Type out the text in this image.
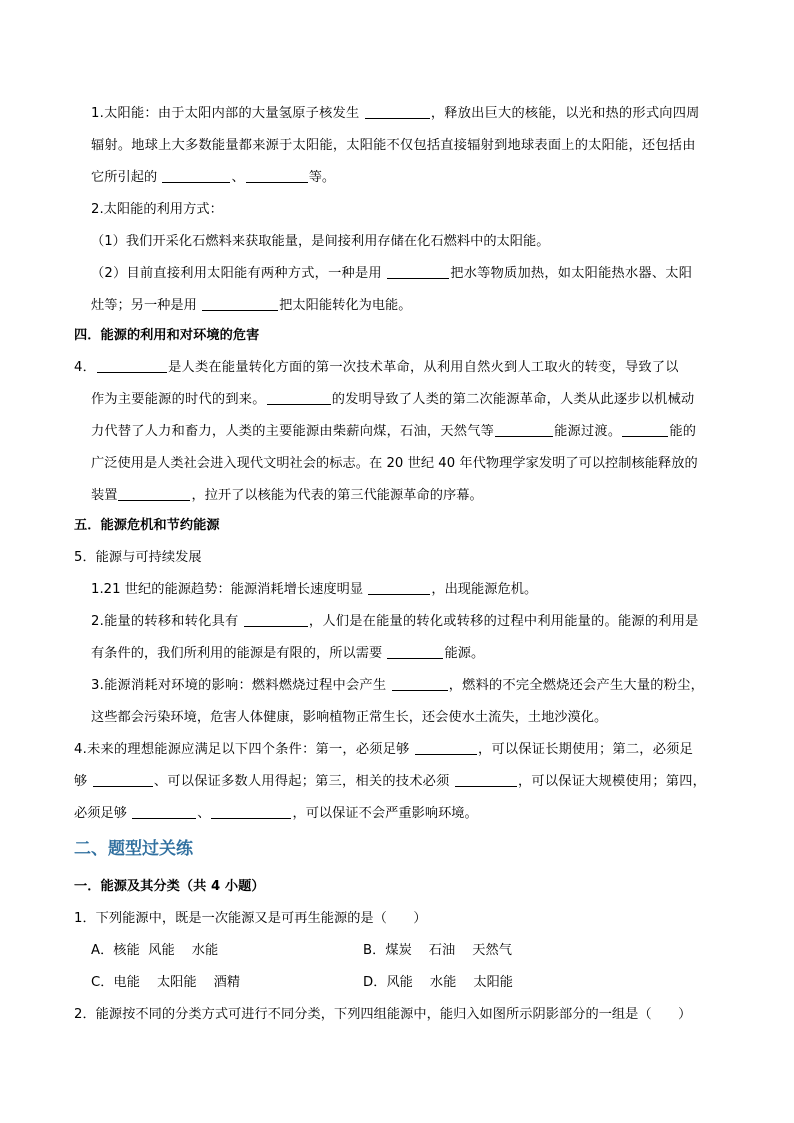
1.太阳能：由于太阳内部的大量氢原子核发生	，释放出巨大的核能，以光和热的形式向四周
辐射。地球上大多数能量都来源于太阳能，太阳能不仅包括直接辐射到地球表面上的太阳能，还包括由
它所引起的	、	等。
2.太阳能的利用方式：
（1）我们开采化石燃料来获取能量，是间接利用存储在化石燃料中的太阳能。
（2）目前直接利用太阳能有两种方式，一种是用	把水等物质加热，如太阳能热水器、太阳
灶等；另一种是用	把太阳能转化为电能。
四．能源的利用和对环境的危害
4．	是人类在能量转化方面的第一次技术革命，从利用自然火到人工取火的转变，导致了以
作为主要能源的时代的到来。	的发明导致了人类的第二次能源革命，人类从此逐步以机械动
力代替了人力和畜力，人类的主要能源由柴薪向煤，石油，天然气等	能源过渡。	能的
广泛使用是人类社会进入现代文明社会的标志。在 20 世纪 40 年代物理学家发明了可以控制核能释放的
装置	，拉开了以核能为代表的第三代能源革命的序幕。
五．能源危机和节约能源
5．能源与可持续发展
1.21 世纪的能源趋势：能源消耗增长速度明显	，出现能源危机。
2.能量的转移和转化具有	，人们是在能量的转化或转移的过程中利用能量的。能源的利用是
有条件的，我们所利用的能源是有限的，所以需要	能源。
3.能源消耗对环境的影响：燃料燃烧过程中会产生	，燃料的不完全燃烧还会产生大量的粉尘，
这些都会污染环境，危害人体健康，影响植物正常生长，还会使水土流失，土地沙漠化。
4.未来的理想能源应满足以下四个条件：第一，必须足够	，可以保证长期使用；第二，必须足
够	、可以保证多数人用得起；第三，相关的技术必须	，可以保证大规模使用；第四，
必须足够	、	，可以保证不会严重影响环境。
二、题型过关练
一．能源及其分类（共 4 小题）
1．下列能源中，既是一次能源又是可再生能源的是（　　）
A．核能  风能    水能	B．煤炭    石油    天然气
C．电能    太阳能    酒精	D．风能    水能    太阳能
2．能源按不同的分类方式可进行不同分类，下列四组能源中，能归入如图所示阴影部分的一组是（　　）
